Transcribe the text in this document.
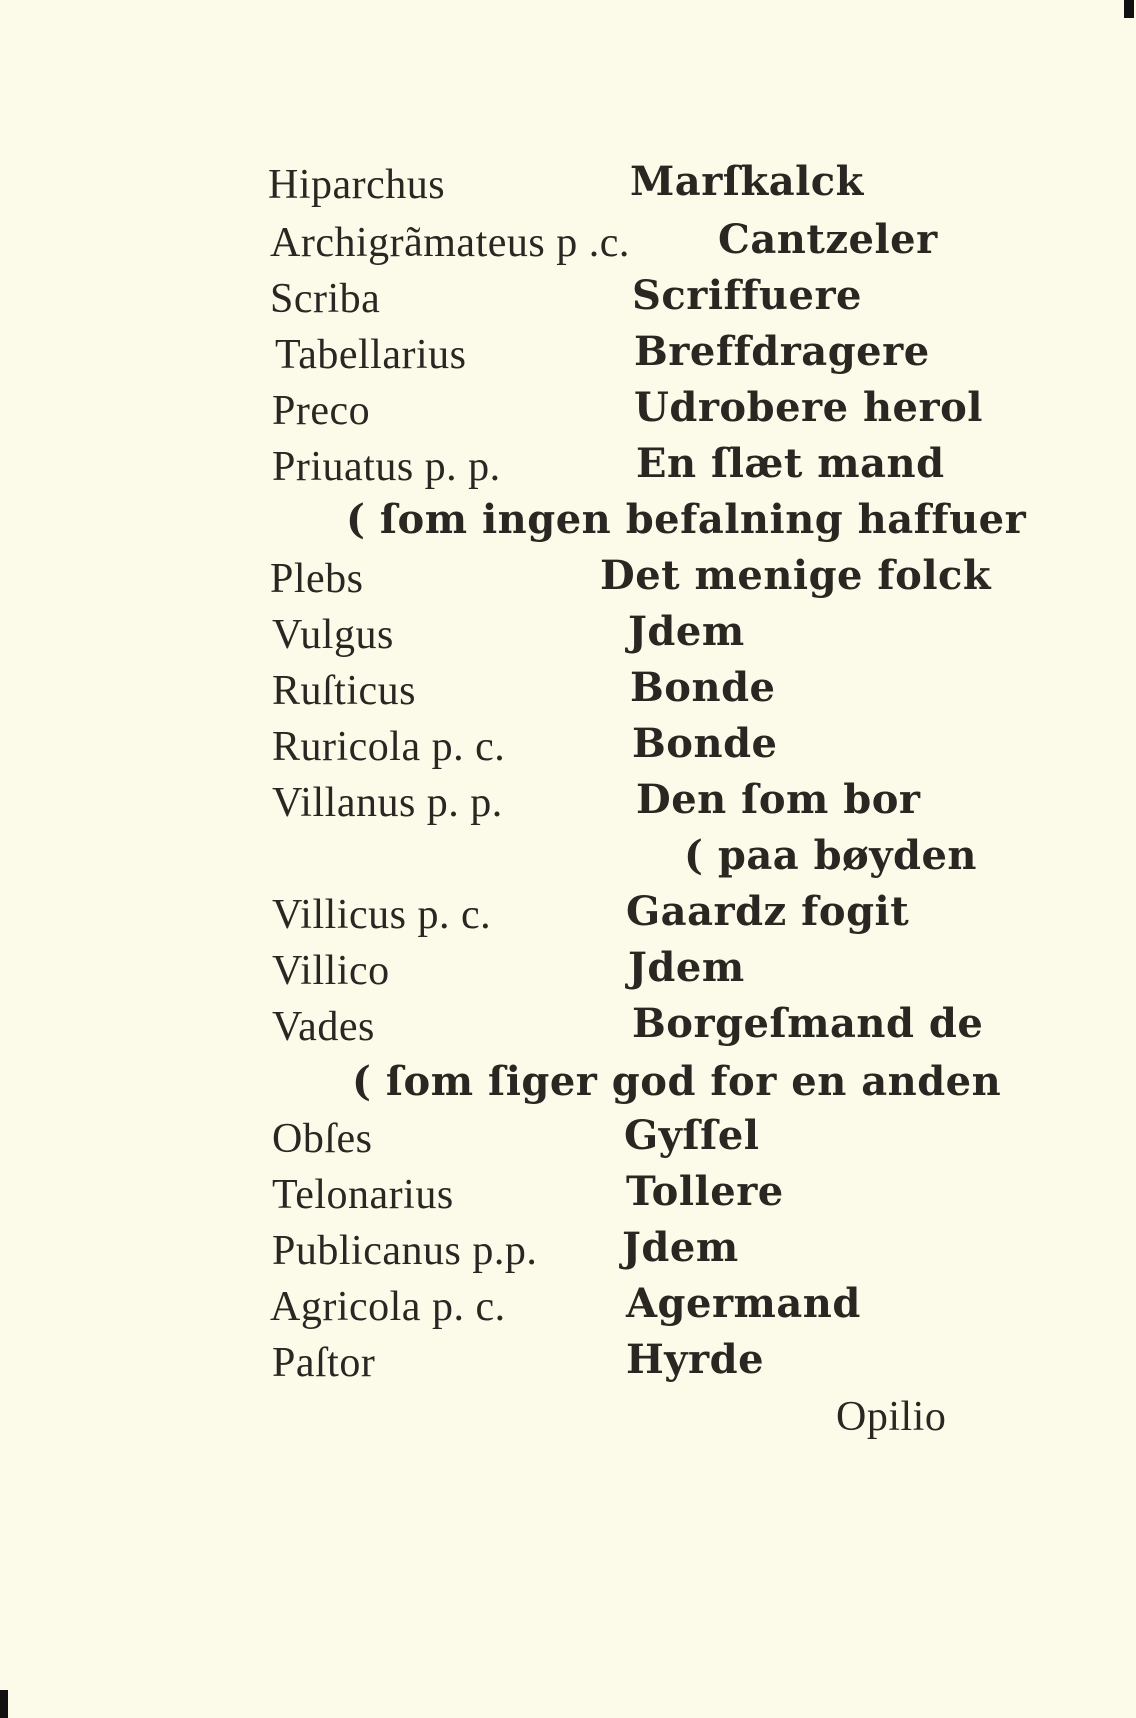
Hiparchus	Marſkalck
Archigrãmateus p .c. Cantzeler
Scriba	Scriffuere
Tabellarius	Breffdragere
Preco	Udrobere herol
Priuatus p. p.	En ſlæt mand
( ſom ingen befalning haffuer
Plebs	Det menige folck
Vulgus	Jdem
Ruſticus	Bonde
Ruricola p. c.	Bonde
Villanus p. p.	Den ſom bor
( paa bøyden
Villicus p. c.	Gaardz fogit
Villico	Jdem
Vades	Borgeſmand de
( ſom ſiger god for en anden
Obſes	Gyſſel
Telonarius	Tollere
Publicanus p.p. Jdem
Agricola p. c.	Agermand
Paſtor	Hyrde
Opilio
